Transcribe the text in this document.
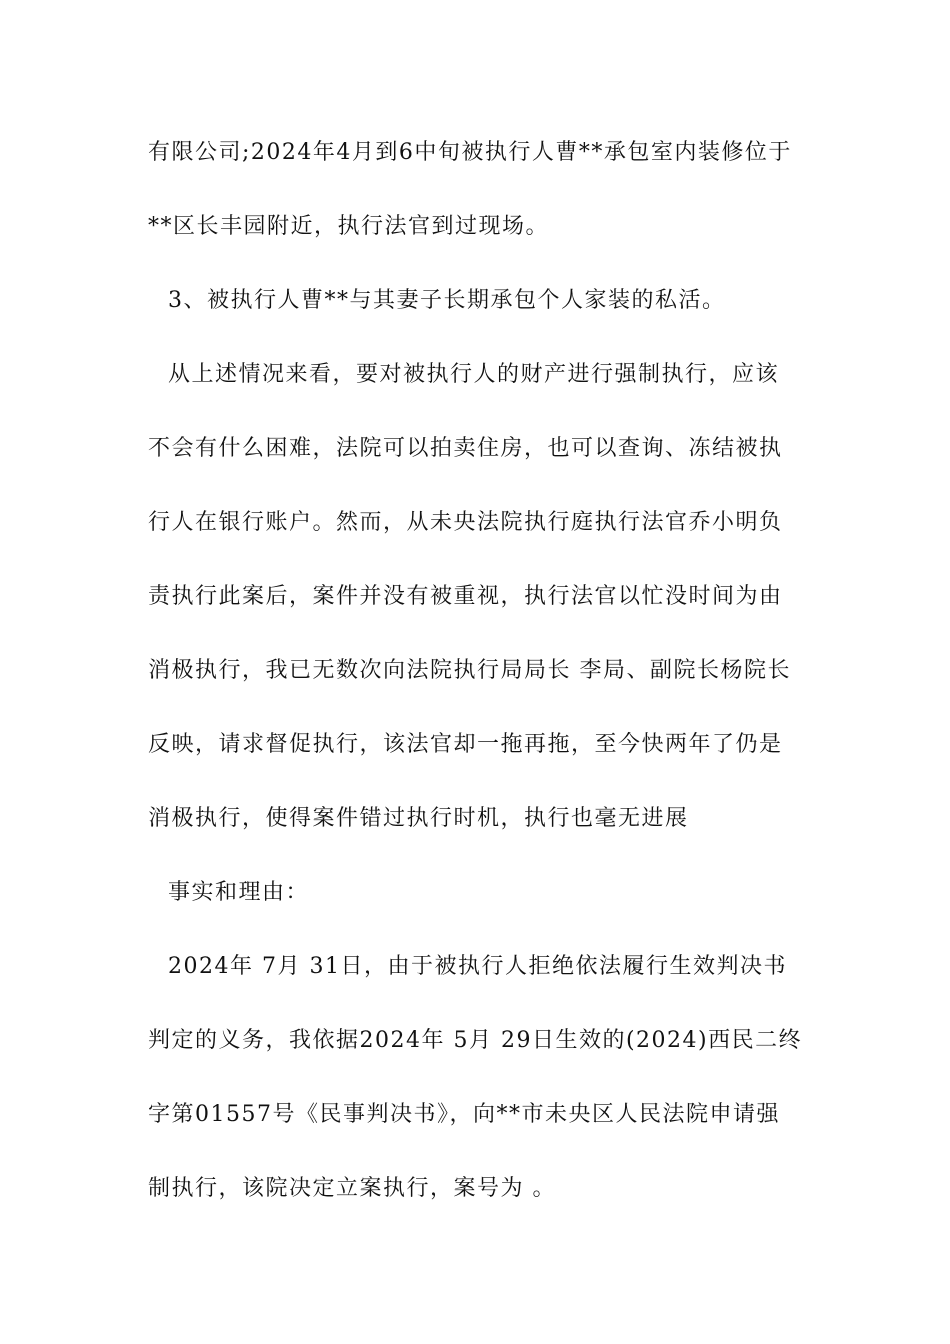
有限公司;2024年4月到6中旬被执行人曹**承包室内装修位于
**区长丰园附近，执行法官到过现场。
3、被执行人曹**与其妻子长期承包个人家装的私活。
从上述情况来看，要对被执行人的财产进行强制执行，应该
不会有什么困难，法院可以拍卖住房，也可以查询、冻结被执
行人在银行账户。然而，从未央法院执行庭执行法官乔小明负
责执行此案后，案件并没有被重视，执行法官以忙没时间为由
消极执行，我已无数次向法院执行局局长 李局、副院长杨院长
反映，请求督促执行，该法官却一拖再拖，至今快两年了仍是
消极执行，使得案件错过执行时机，执行也毫无进展
事实和理由：
2024年 7月 31日，由于被执行人拒绝依法履行生效判决书
判定的义务，我依据2024年 5月 29日生效的(2024)西民二终
字第01557号《民事判决书》，向**市未央区人民法院申请强
制执行，该院决定立案执行，案号为 。
